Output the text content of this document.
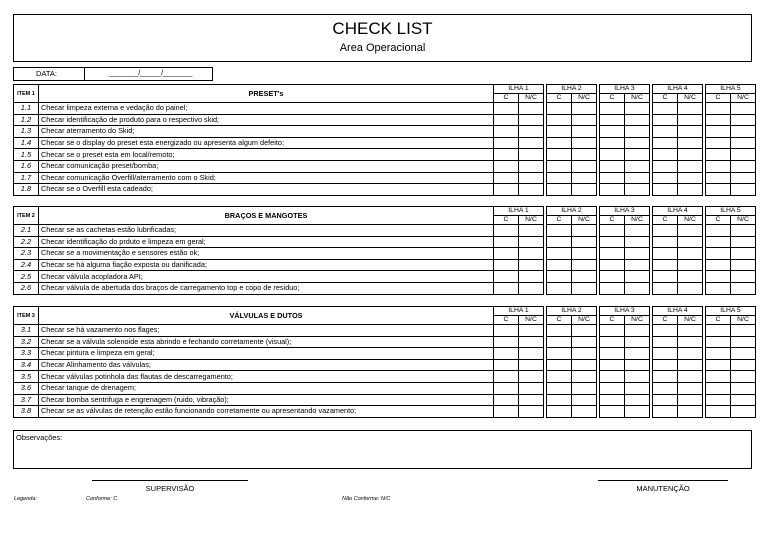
CHECK LIST
Area Operacional
DATA:	_______/_____/_______
ITEM 1	PRESET's	ILHA 1			ILHA 2			ILHA 3			ILHA 4			ILHA 5	
		C	N/C		C	N/C		C	N/C		C	N/C		C	N/C
1.1	Checar limpeza externa e vedação do painel;														
1.2	Checar identificação de produto para o respectivo skid;														
1.3	Checar aterramento do Skid;														
1.4	Checar se o display do preset esta energizado ou apresenta algum defeito;														
1.5	Checar se o preset esta em local/remoto;														
1.6	Checar comunicação preset/bomba;														
1.7	Checar comunicação Overfill/aterramento com o Skid;														
1.8	Checar se o Overfill esta cadeado;														
ITEM 2	BRAÇOS E MANGOTES	ILHA 1			ILHA 2			ILHA 3			ILHA 4			ILHA 5	
		C	N/C		C	N/C		C	N/C		C	N/C		C	N/C
2.1	Checar se as cachetas estão lubrificadas;														
2.2	Checar identificação do prduto e limpeza em geral;														
2.3	Checar se a movimentação e sensores estão ok;														
2.4	Checar se há alguma fiação exposta ou danificada;														
2.5	Checar válvula acopladora API;														
2.6	Checar válvula de abertuda dos braços de carregamento top e copo de residuo;														
ITEM 3	VÁLVULAS E DUTOS	ILHA 1			ILHA 2			ILHA 3			ILHA 4			ILHA 5	
		C	N/C		C	N/C		C	N/C		C	N/C		C	N/C
3.1	Checar se há vazamento nos flages;														
3.2	Checar se a válvula solenoide esta abrindo e fechando corretamente (visual);														
3.3	Checar pintura e limpeza em geral;														
3.4	Checar Alinhamento das válvulas;														
3.5	Checar válvulas potinhola das flautas de descarregamento;														
3.6	Checar tanque de drenagem;														
3.7	Checar bomba sentrifuga e engrenagem (ruido, vibração);														
3.8	Checar se as válvulas de retenção estão funcionando corretamente ou apresentando vazamento;														
Observações:
SUPERVISÃO	MANUTENÇÃO
Legenda:	Conforme: C	Não Conforme: N/C
